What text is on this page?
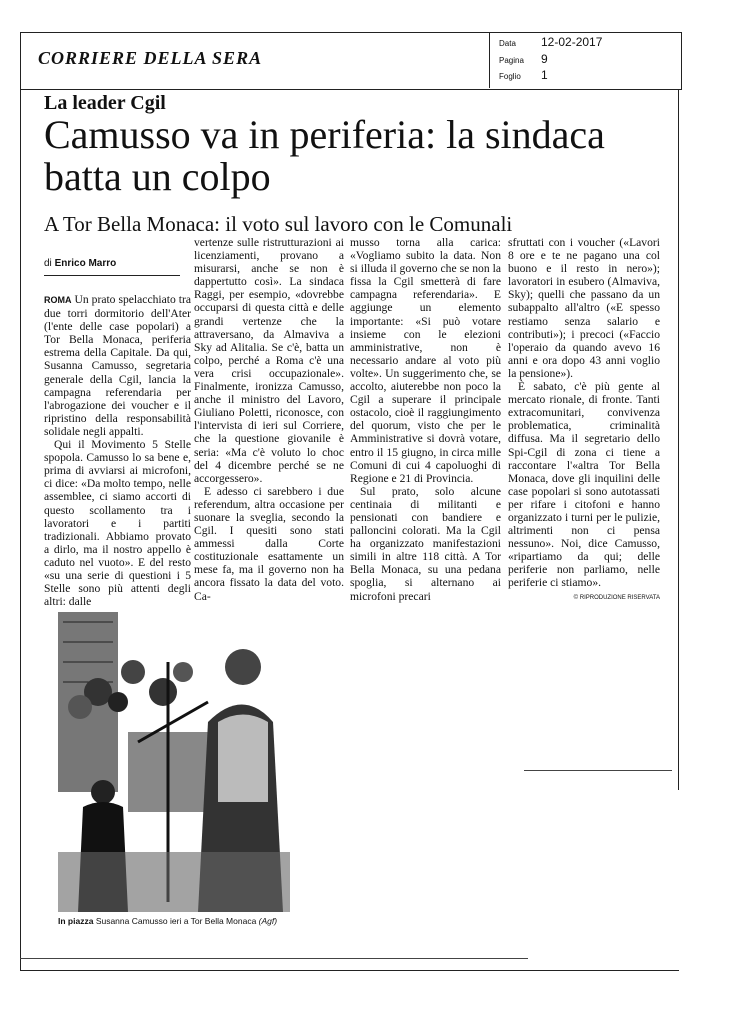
CORRIERE DELLA SERA
Data 12-02-2017
Pagina 9
Foglio 1
La leader Cgil
Camusso va in periferia: la sindaca batta un colpo
A Tor Bella Monaca: il voto sul lavoro con le Comunali
di Enrico Marro

ROMA Un prato spelacchiato tra due torri dormitorio dell'Ater (l'ente delle case popolari) a Tor Bella Monaca, periferia estrema della Capitale. Da qui, Susanna Camusso, segretaria generale della Cgil, lancia la campagna referendaria per l'abrogazione dei voucher e il ripristino della responsabilità solidale negli appalti.

Qui il Movimento 5 Stelle spopola. Camusso lo sa bene e, prima di avviarsi ai microfoni, ci dice: «Da molto tempo, nelle assemblee, ci siamo accorti di questo scollamento tra i lavoratori e i partiti tradizionali. Abbiamo provato a dirlo, ma il nostro appello è caduto nel vuoto». E del resto «su una serie di questioni i 5 Stelle sono più attenti degli altri: dalle

vertenze sulle ristrutturazioni ai licenziamenti, provano a misurarsi, anche se non è dappertutto così». La sindaca Raggi, per esempio, «dovrebbe occuparsi di questa città e delle grandi vertenze che la attraversano, da Almaviva a Sky ad Alitalia. Se c'è, batta un colpo, perché a Roma c'è una vera crisi occupazionale». Finalmente, ironizza Camusso, anche il ministro del Lavoro, Giuliano Poletti, riconosce, con l'intervista di ieri sul Corriere, che la questione giovanile è seria: «Ma c'è voluto lo choc del 4 dicembre perché se ne accorgessero».

E adesso ci sarebbero i due referendum, altra occasione per suonare la sveglia, secondo la Cgil. I quesiti sono stati ammessi dalla Corte costituzionale esattamente un mese fa, ma il governo non ha ancora fissato la data del voto. Ca-

musso torna alla carica: «Vogliamo subito la data. Non si illuda il governo che se non la fissa la Cgil smetterà di fare campagna referendaria». E aggiunge un elemento importante: «Si può votare insieme con le elezioni amministrative, non è necessario andare al voto più volte». Un suggerimento che, se accolto, aiuterebbe non poco la Cgil a superare il principale ostacolo, cioè il raggiungimento del quorum, visto che per le Amministrative si dovrà votare, entro il 15 giugno, in circa mille Comuni di cui 4 capoluoghi di Regione e 21 di Provincia.

Sul prato, solo alcune centinaia di militanti e pensionati con bandiere e palloncini colorati. Ma la Cgil ha organizzato manifestazioni simili in altre 118 città. A Tor Bella Monaca, su una pedana spoglia, si alternano ai microfoni precari

sfruttati con i voucher («Lavori 8 ore e te ne pagano una col buono e il resto in nero»); lavoratori in esubero (Almaviva, Sky); quelli che passano da un subappalto all'altro («E spesso restiamo senza salario e contributi»); i precoci («Faccio l'operaio da quando avevo 16 anni e ora dopo 43 anni voglio la pensione»).

È sabato, c'è più gente al mercato rionale, di fronte. Tanti extracomunitari, convivenza problematica, criminalità diffusa. Ma il segretario dello Spi-Cgil di zona ci tiene a raccontare l'«altra Tor Bella Monaca, dove gli inquilini delle case popolari si sono autotassati per rifare i citofoni e hanno organizzato i turni per le pulizie, altrimenti non ci pensa nessuno». Noi, dice Camusso, «ripartiamo da qui; delle periferie non parliamo, nelle periferie ci stiamo».

© RIPRODUZIONE RISERVATA
In piazza Susanna Camusso ieri a Tor Bella Monaca (Agf)
